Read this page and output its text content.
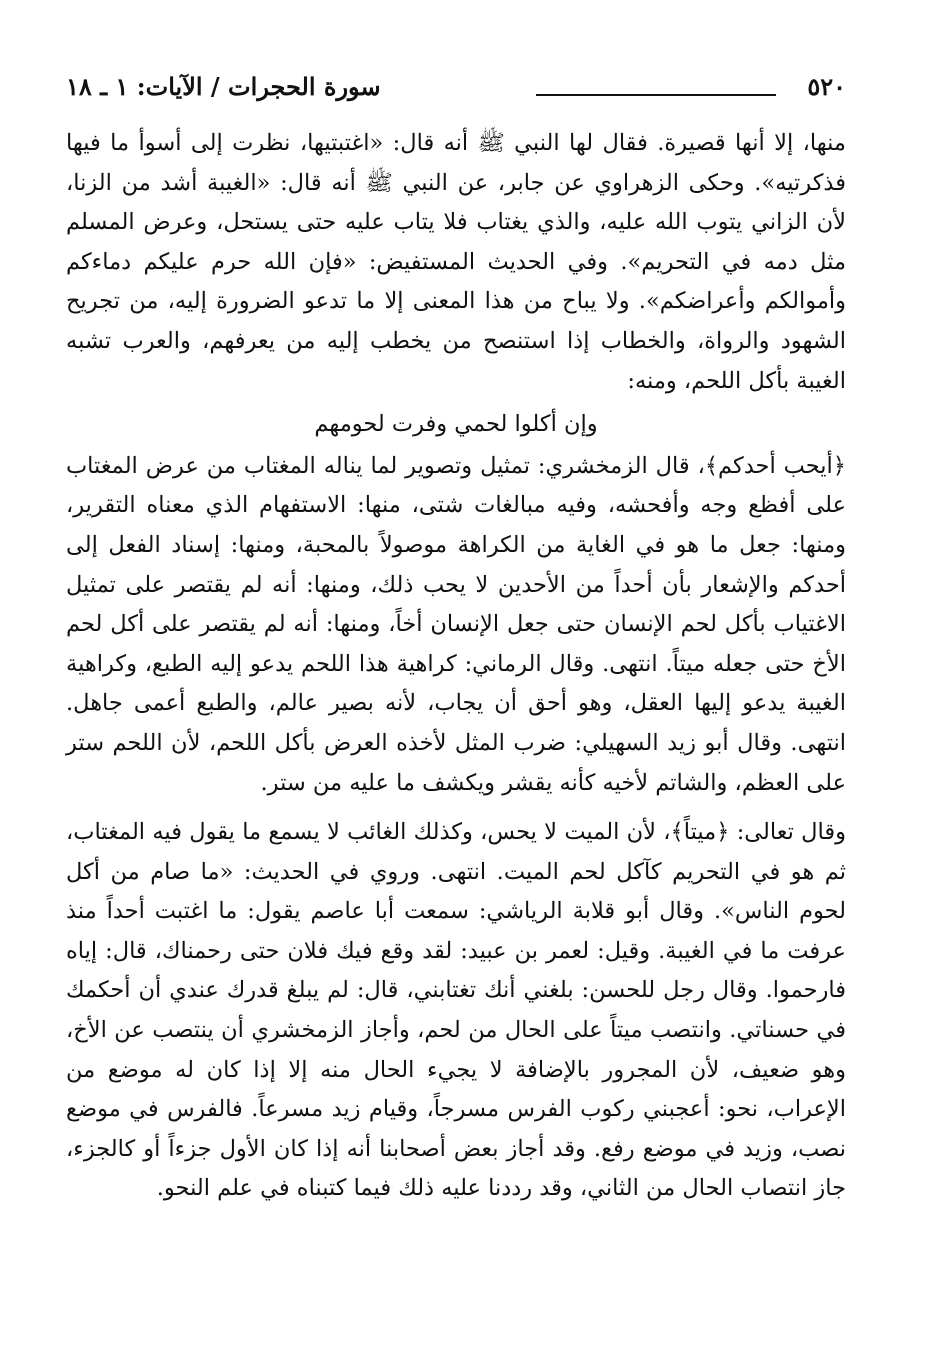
٥٢٠
سورة الحجرات / الآيات: ١ ـ ١٨

منها، إلا أنها قصيرة. فقال لها النبي ﷺ أنه قال: «اغتبتيها، نظرت إلى أسوأ ما فيها فذكرتيه». وحكى الزهراوي عن جابر، عن النبي ﷺ أنه قال: «الغيبة أشد من الزنا، لأن الزاني يتوب الله عليه، والذي يغتاب فلا يتاب عليه حتى يستحل، وعرض المسلم مثل دمه في التحريم». وفي الحديث المستفيض: «فإن الله حرم عليكم دماءكم وأموالكم وأعراضكم». ولا يباح من هذا المعنى إلا ما تدعو الضرورة إليه، من تجريح الشهود والرواة، والخطاب إذا استنصح من يخطب إليه من يعرفهم، والعرب تشبه الغيبة بأكل اللحم، ومنه:

وإن أكلوا لحمي وفرت لحومهم

﴿أيحب أحدكم﴾، قال الزمخشري: تمثيل وتصوير لما يناله المغتاب من عرض المغتاب على أفظع وجه وأفحشه، وفيه مبالغات شتى، منها: الاستفهام الذي معناه التقرير، ومنها: جعل ما هو في الغاية من الكراهة موصولاً بالمحبة، ومنها: إسناد الفعل إلى أحدكم والإشعار بأن أحداً من الأحدين لا يحب ذلك، ومنها: أنه لم يقتصر على تمثيل الاغتياب بأكل لحم الإنسان حتى جعل الإنسان أخاً، ومنها: أنه لم يقتصر على أكل لحم الأخ حتى جعله ميتاً. انتهى. وقال الرماني: كراهية هذا اللحم يدعو إليه الطبع، وكراهية الغيبة يدعو إليها العقل، وهو أحق أن يجاب، لأنه بصير عالم، والطبع أعمى جاهل. انتهى. وقال أبو زيد السهيلي: ضرب المثل لأخذه العرض بأكل اللحم، لأن اللحم ستر على العظم، والشاتم لأخيه كأنه يقشر ويكشف ما عليه من ستر.

وقال تعالى: ﴿ميتاً﴾، لأن الميت لا يحس، وكذلك الغائب لا يسمع ما يقول فيه المغتاب، ثم هو في التحريم كآكل لحم الميت. انتهى. وروي في الحديث: «ما صام من أكل لحوم الناس». وقال أبو قلابة الرياشي: سمعت أبا عاصم يقول: ما اغتبت أحداً منذ عرفت ما في الغيبة. وقيل: لعمر بن عبيد: لقد وقع فيك فلان حتى رحمناك، قال: إياه فارحموا. وقال رجل للحسن: بلغني أنك تغتابني، قال: لم يبلغ قدرك عندي أن أحكمك في حسناتي. وانتصب ميتاً على الحال من لحم، وأجاز الزمخشري أن ينتصب عن الأخ، وهو ضعيف، لأن المجرور بالإضافة لا يجيء الحال منه إلا إذا كان له موضع من الإعراب، نحو: أعجبني ركوب الفرس مسرجاً، وقيام زيد مسرعاً. فالفرس في موضع نصب، وزيد في موضع رفع. وقد أجاز بعض أصحابنا أنه إذا كان الأول جزءاً أو كالجزء، جاز انتصاب الحال من الثاني، وقد رددنا عليه ذلك فيما كتبناه في علم النحو.
